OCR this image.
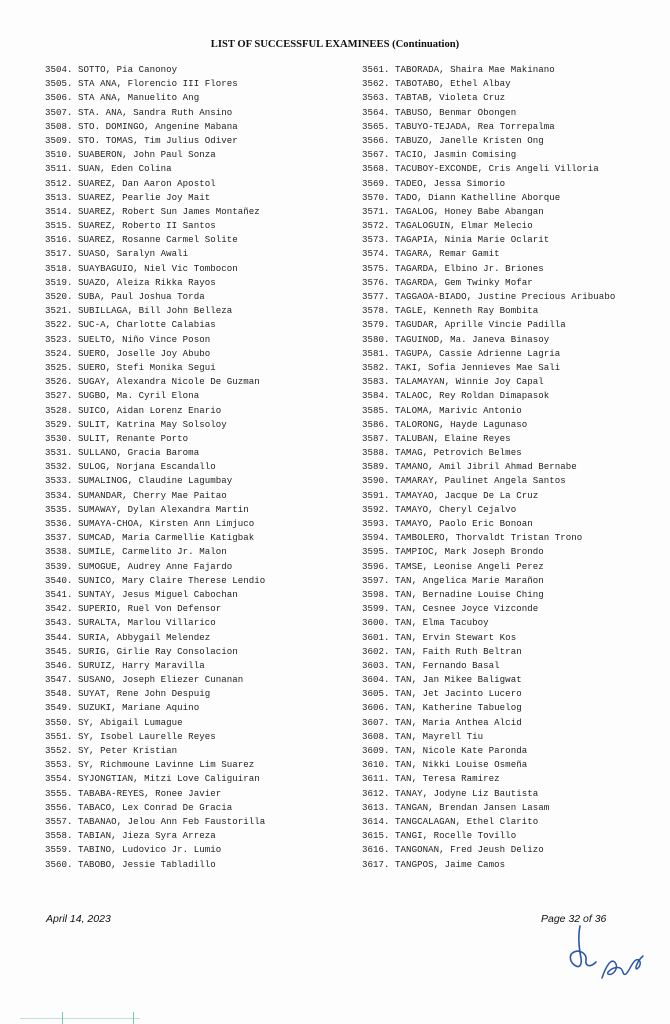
LIST OF SUCCESSFUL EXAMINEES (Continuation)
3504. SOTTO, Pia Canonoy
3505. STA ANA, Florencio III Flores
3506. STA ANA, Manuelito Ang
3507. STA. ANA, Sandra Ruth Ansino
3508. STO. DOMINGO, Angenine Mabana
3509. STO. TOMAS, Tim Julius Odiver
3510. SUABERON, John Paul Sonza
3511. SUAN, Eden Colina
3512. SUAREZ, Dan Aaron Apostol
3513. SUAREZ, Pearlie Joy Mait
3514. SUAREZ, Robert Sun James Montañez
3515. SUAREZ, Roberto II Santos
3516. SUAREZ, Rosanne Carmel Solite
3517. SUASO, Saralyn Awali
3518. SUAYBAGUIO, Niel Vic Tombocon
3519. SUAZO, Aleiza Rikka Rayos
3520. SUBA, Paul Joshua Torda
3521. SUBILLAGA, Bill John Belleza
3522. SUC-A, Charlotte Calabias
3523. SUELTO, Niño Vince Poson
3524. SUERO, Joselle Joy Abubo
3525. SUERO, Stefi Monika Segui
3526. SUGAY, Alexandra Nicole De Guzman
3527. SUGBO, Ma. Cyril Elona
3528. SUICO, Aidan Lorenz Enario
3529. SULIT, Katrina May Solsoloy
3530. SULIT, Renante Porto
3531. SULLANO, Gracia Baroma
3532. SULOG, Norjana Escandallo
3533. SUMALINOG, Claudine Lagumbay
3534. SUMANDAR, Cherry Mae Paitao
3535. SUMAWAY, Dylan Alexandra Martin
3536. SUMAYA-CHOA, Kirsten Ann Limjuco
3537. SUMCAD, Maria Carmellie Katigbak
3538. SUMILE, Carmelito Jr. Malon
3539. SUMOGUE, Audrey Anne Fajardo
3540. SUNICO, Mary Claire Therese Lendio
3541. SUNTAY, Jesus Miguel Cabochan
3542. SUPERIO, Ruel Von Defensor
3543. SURALTA, Marlou Villarico
3544. SURIA, Abbygail Melendez
3545. SURIG, Girlie Ray Consolacion
3546. SURUIZ, Harry Maravilla
3547. SUSANO, Joseph Eliezer Cunanan
3548. SUYAT, Rene John Despuig
3549. SUZUKI, Mariane Aquino
3550. SY, Abigail Lumague
3551. SY, Isobel Laurelle Reyes
3552. SY, Peter Kristian
3553. SY, Richmoune Lavinne Lim Suarez
3554. SYJONGTIAN, Mitzi Love Caliguiran
3555. TABABA-REYES, Ronee Javier
3556. TABACO, Lex Conrad De Gracia
3557. TABANAO, Jelou Ann Feb Faustorilla
3558. TABIAN, Jieza Syra Arreza
3559. TABINO, Ludovico Jr. Lumio
3560. TABOBO, Jessie Tabladillo
3561. TABORADA, Shaira Mae Makinano
3562. TABOTABO, Ethel Albay
3563. TABTAB, Violeta Cruz
3564. TABUSO, Benmar Obongen
3565. TABUYO-TEJADA, Rea Torrepalma
3566. TABUZO, Janelle Kristen Ong
3567. TACIO, Jasmin Comising
3568. TACUBOY-EXCONDE, Cris Angeli Villoria
3569. TADEO, Jessa Simorio
3570. TADO, Diann Kathelline Aborque
3571. TAGALOG, Honey Babe Abangan
3572. TAGALOGUIN, Elmar Melecio
3573. TAGAPIA, Ninia Marie Oclarit
3574. TAGARA, Remar Gamit
3575. TAGARDA, Elbino Jr. Briones
3576. TAGARDA, Gem Twinky Mofar
3577. TAGGAOA-BIADO, Justine Precious Aribuabo
3578. TAGLE, Kenneth Ray Bombita
3579. TAGUDAR, Aprille Vincie Padilla
3580. TAGUINOD, Ma. Janeva Binasoy
3581. TAGUPA, Cassie Adrienne Lagria
3582. TAKI, Sofia Jennieves Mae Sali
3583. TALAMAYAN, Winnie Joy Capal
3584. TALAOC, Rey Roldan Dimapasok
3585. TALOMA, Marivic Antonio
3586. TALORONG, Hayde Lagunaso
3587. TALUBAN, Elaine Reyes
3588. TAMAG, Petrovich Belmes
3589. TAMANO, Amil Jibril Ahmad Bernabe
3590. TAMARAY, Paulinet Angela Santos
3591. TAMAYAO, Jacque De La Cruz
3592. TAMAYO, Cheryl Cejalvo
3593. TAMAYO, Paolo Eric Bonoan
3594. TAMBOLERO, Thorvaldt Tristan Trono
3595. TAMPIOC, Mark Joseph Brondo
3596. TAMSE, Leonise Angeli Perez
3597. TAN, Angelica Marie Marañon
3598. TAN, Bernadine Louise Ching
3599. TAN, Cesnee Joyce Vizconde
3600. TAN, Elma Tacuboy
3601. TAN, Ervin Stewart Kos
3602. TAN, Faith Ruth Beltran
3603. TAN, Fernando Basal
3604. TAN, Jan Mikee Baligwat
3605. TAN, Jet Jacinto Lucero
3606. TAN, Katherine Tabuelog
3607. TAN, Maria Anthea Alcid
3608. TAN, Mayrell Tiu
3609. TAN, Nicole Kate Paronda
3610. TAN, Nikki Louise Osmeña
3611. TAN, Teresa Ramirez
3612. TANAY, Jodyne Liz Bautista
3613. TANGAN, Brendan Jansen Lasam
3614. TANGCALAGAN, Ethel Clarito
3615. TANGI, Rocelle Tovillo
3616. TANGONAN, Fred Jeush Delizo
3617. TANGPOS, Jaime Camos
April 14, 2023	Page 32 of 36
